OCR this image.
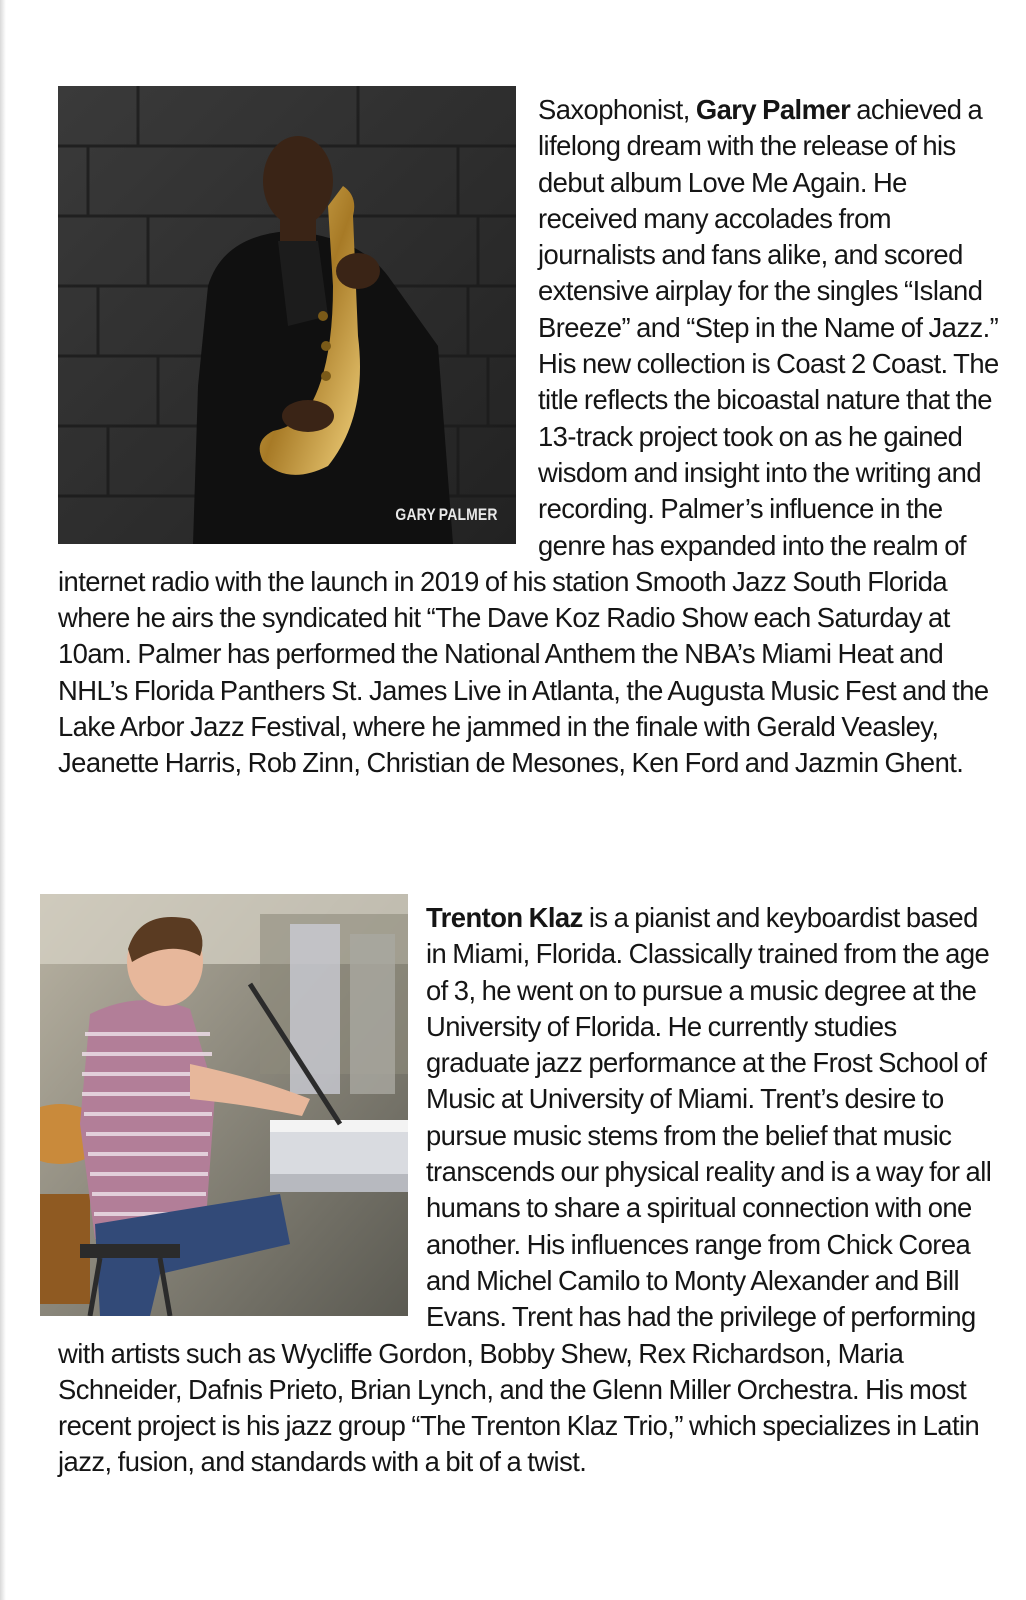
GARY PALMER

Saxophonist, Gary Palmer achieved a lifelong dream with the release of his debut album Love Me Again. He received many accolades from journalists and fans alike, and scored extensive airplay for the singles “Island Breeze” and “Step in the Name of Jazz.” His new collection is Coast 2 Coast. The title reflects the bicoastal nature that the 13-track project took on as he gained wisdom and insight into the writing and recording. Palmer’s influence in the genre has expanded into the realm of internet radio with the launch in 2019 of his station Smooth Jazz South Florida where he airs the syndicated hit “The Dave Koz Radio Show each Saturday at 10am. Palmer has performed the National Anthem the NBA’s Miami Heat and NHL’s Florida Panthers St. James Live in Atlanta, the Augusta Music Fest and the Lake Arbor Jazz Festival, where he jammed in the finale with Gerald Veasley, Jeanette Harris, Rob Zinn, Christian de Mesones, Ken Ford and Jazmin Ghent.

Trenton Klaz is a pianist and keyboardist based in Miami, Florida. Classically trained from the age of 3, he went on to pursue a music degree at the University of Florida. He currently studies graduate jazz performance at the Frost School of Music at University of Miami. Trent’s desire to pursue music stems from the belief that music transcends our physical reality and is a way for all humans to share a spiritual connection with one another. His influences range from Chick Corea and Michel Camilo to Monty Alexander and Bill Evans. Trent has had the privilege of performing with artists such as Wycliffe Gordon, Bobby Shew, Rex Richardson, Maria Schneider, Dafnis Prieto, Brian Lynch, and the Glenn Miller Orchestra. His most recent project is his jazz group “The Trenton Klaz Trio,” which specializes in Latin jazz, fusion, and standards with a bit of a twist.
